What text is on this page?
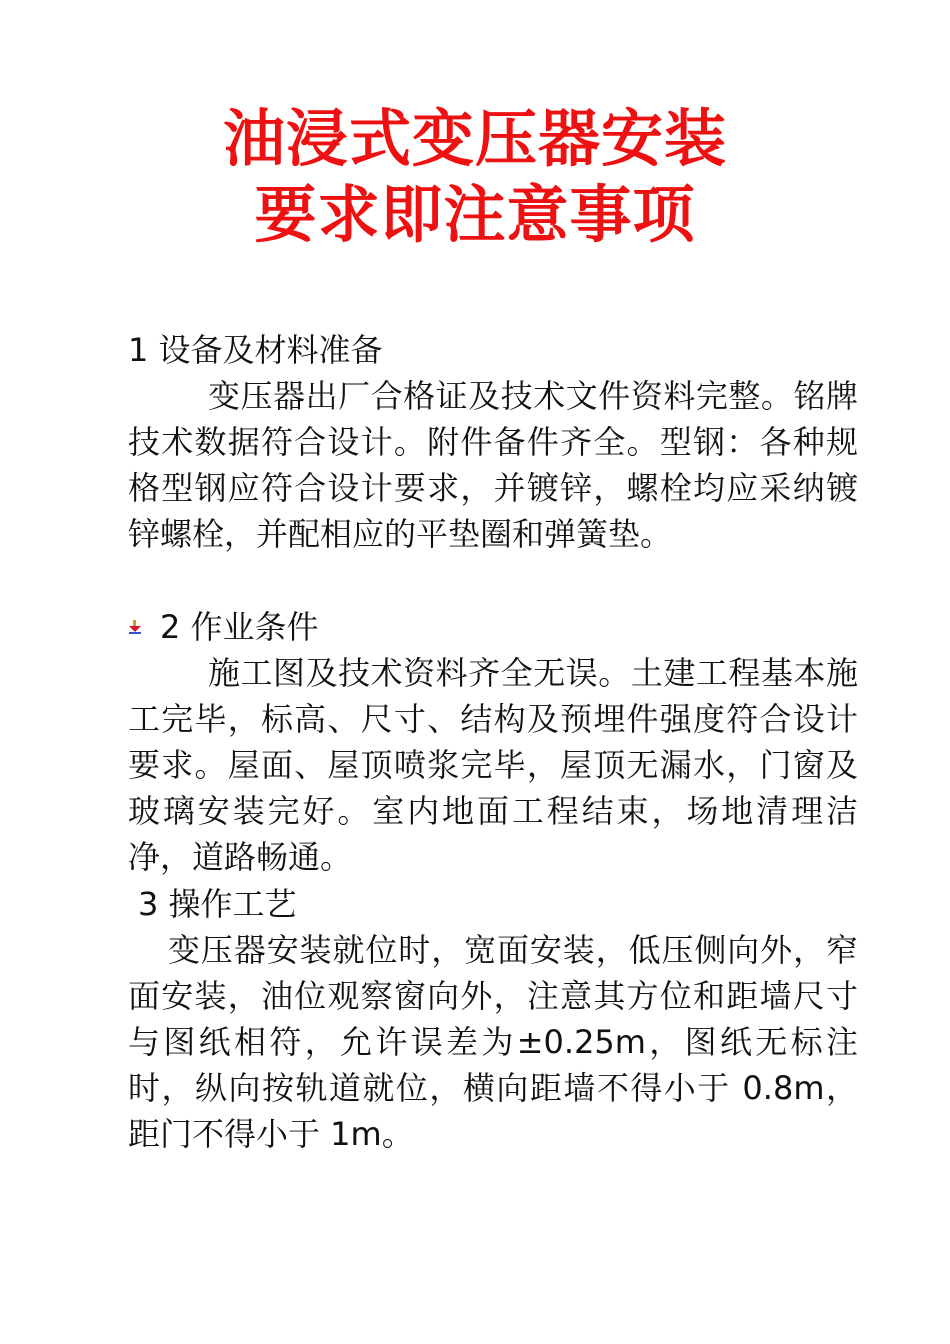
油浸式变压器安装
要求即注意事项

1 设备及材料准备

变压器出厂合格证及技术文件资料完整。铭牌技术数据符合设计。附件备件齐全。型钢：各种规格型钢应符合设计要求，并镀锌，螺栓均应采纳镀锌螺栓，并配相应的平垫圈和弹簧垫。

2 作业条件

施工图及技术资料齐全无误。土建工程基本施工完毕，标高、尺寸、结构及预埋件强度符合设计要求。屋面、屋顶喷浆完毕，屋顶无漏水，门窗及玻璃安装完好。室内地面工程结束，场地清理洁净，道路畅通。

3 操作工艺

变压器安装就位时，宽面安装，低压侧向外，窄面安装，油位观察窗向外，注意其方位和距墙尺寸与图纸相符，允许误差为±0.25m，图纸无标注时，纵向按轨道就位，横向距墙不得小于 0.8m，距门不得小于 1m。
